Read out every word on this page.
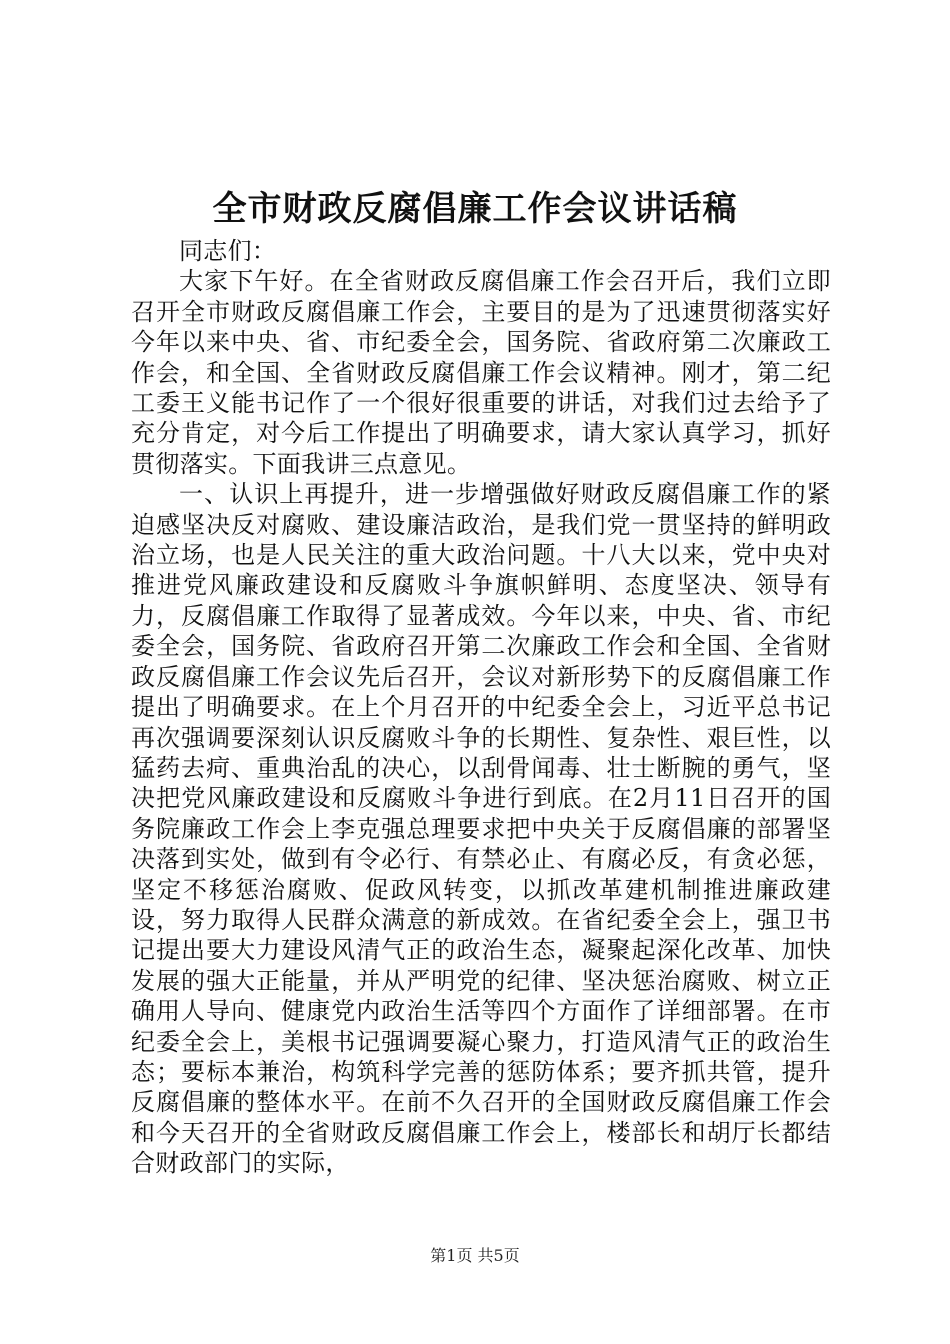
全市财政反腐倡廉工作会议讲话稿

同志们：

大家下午好。在全省财政反腐倡廉工作会召开后，我们立即召开全市财政反腐倡廉工作会，主要目的是为了迅速贯彻落实好今年以来中央、省、市纪委全会，国务院、省政府第二次廉政工作会，和全国、全省财政反腐倡廉工作会议精神。刚才，第二纪工委王义能书记作了一个很好很重要的讲话，对我们过去给予了充分肯定，对今后工作提出了明确要求，请大家认真学习，抓好贯彻落实。下面我讲三点意见。

一、认识上再提升，进一步增强做好财政反腐倡廉工作的紧迫感坚决反对腐败、建设廉洁政治，是我们党一贯坚持的鲜明政治立场，也是人民关注的重大政治问题。十八大以来，党中央对推进党风廉政建设和反腐败斗争旗帜鲜明、态度坚决、领导有力，反腐倡廉工作取得了显著成效。今年以来，中央、省、市纪委全会，国务院、省政府召开第二次廉政工作会和全国、全省财政反腐倡廉工作会议先后召开，会议对新形势下的反腐倡廉工作提出了明确要求。在上个月召开的中纪委全会上，习近平总书记再次强调要深刻认识反腐败斗争的长期性、复杂性、艰巨性，以猛药去疴、重典治乱的决心，以刮骨闻毒、壮士断腕的勇气，坚决把党风廉政建设和反腐败斗争进行到底。在2月11日召开的国务院廉政工作会上李克强总理要求把中央关于反腐倡廉的部署坚决落到实处，做到有令必行、有禁必止、有腐必反，有贪必惩，坚定不移惩治腐败、促政风转变，以抓改革建机制推进廉政建设，努力取得人民群众满意的新成效。在省纪委全会上，强卫书记提出要大力建设风清气正的政治生态，凝聚起深化改革、加快发展的强大正能量，并从严明党的纪律、坚决惩治腐败、树立正确用人导向、健康党内政治生活等四个方面作了详细部署。在市纪委全会上，美根书记强调要凝心聚力，打造风清气正的政治生态；要标本兼治，构筑科学完善的惩防体系；要齐抓共管，提升反腐倡廉的整体水平。在前不久召开的全国财政反腐倡廉工作会和今天召开的全省财政反腐倡廉工作会上，楼部长和胡厅长都结合财政部门的实际，

第1页 共5页
